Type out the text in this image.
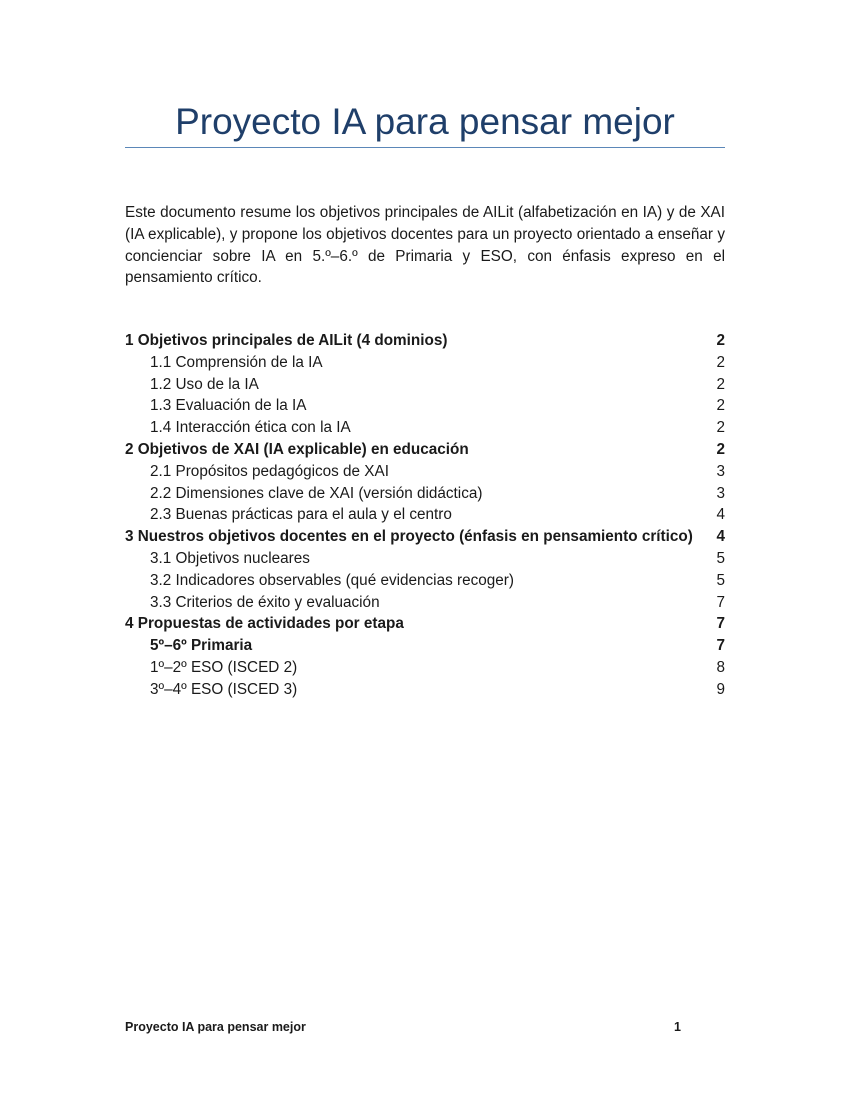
Proyecto IA para pensar mejor

Este documento resume los objetivos principales de AILit (alfabetización en IA) y de XAI (IA explicable), y propone los objetivos docentes para un proyecto orientado a enseñar y concienciar sobre IA en 5.º–6.º de Primaria y ESO, con énfasis expreso en el pensamiento crítico.

1 Objetivos principales de AILit (4 dominios)	2
1.1 Comprensión de la IA	2
1.2 Uso de la IA	2
1.3 Evaluación de la IA	2
1.4 Interacción ética con la IA	2
2 Objetivos de XAI (IA explicable) en educación	2
2.1 Propósitos pedagógicos de XAI	3
2.2 Dimensiones clave de XAI (versión didáctica)	3
2.3 Buenas prácticas para el aula y el centro	4
3 Nuestros objetivos docentes en el proyecto (énfasis en pensamiento crítico) 4
3.1 Objetivos nucleares	5
3.2 Indicadores observables (qué evidencias recoger)	5
3.3 Criterios de éxito y evaluación	7
4 Propuestas de actividades por etapa	7
5º–6º Primaria	7
1º–2º ESO (ISCED 2)	8
3º–4º ESO (ISCED 3)	9
Proyecto IA para pensar mejor	1
